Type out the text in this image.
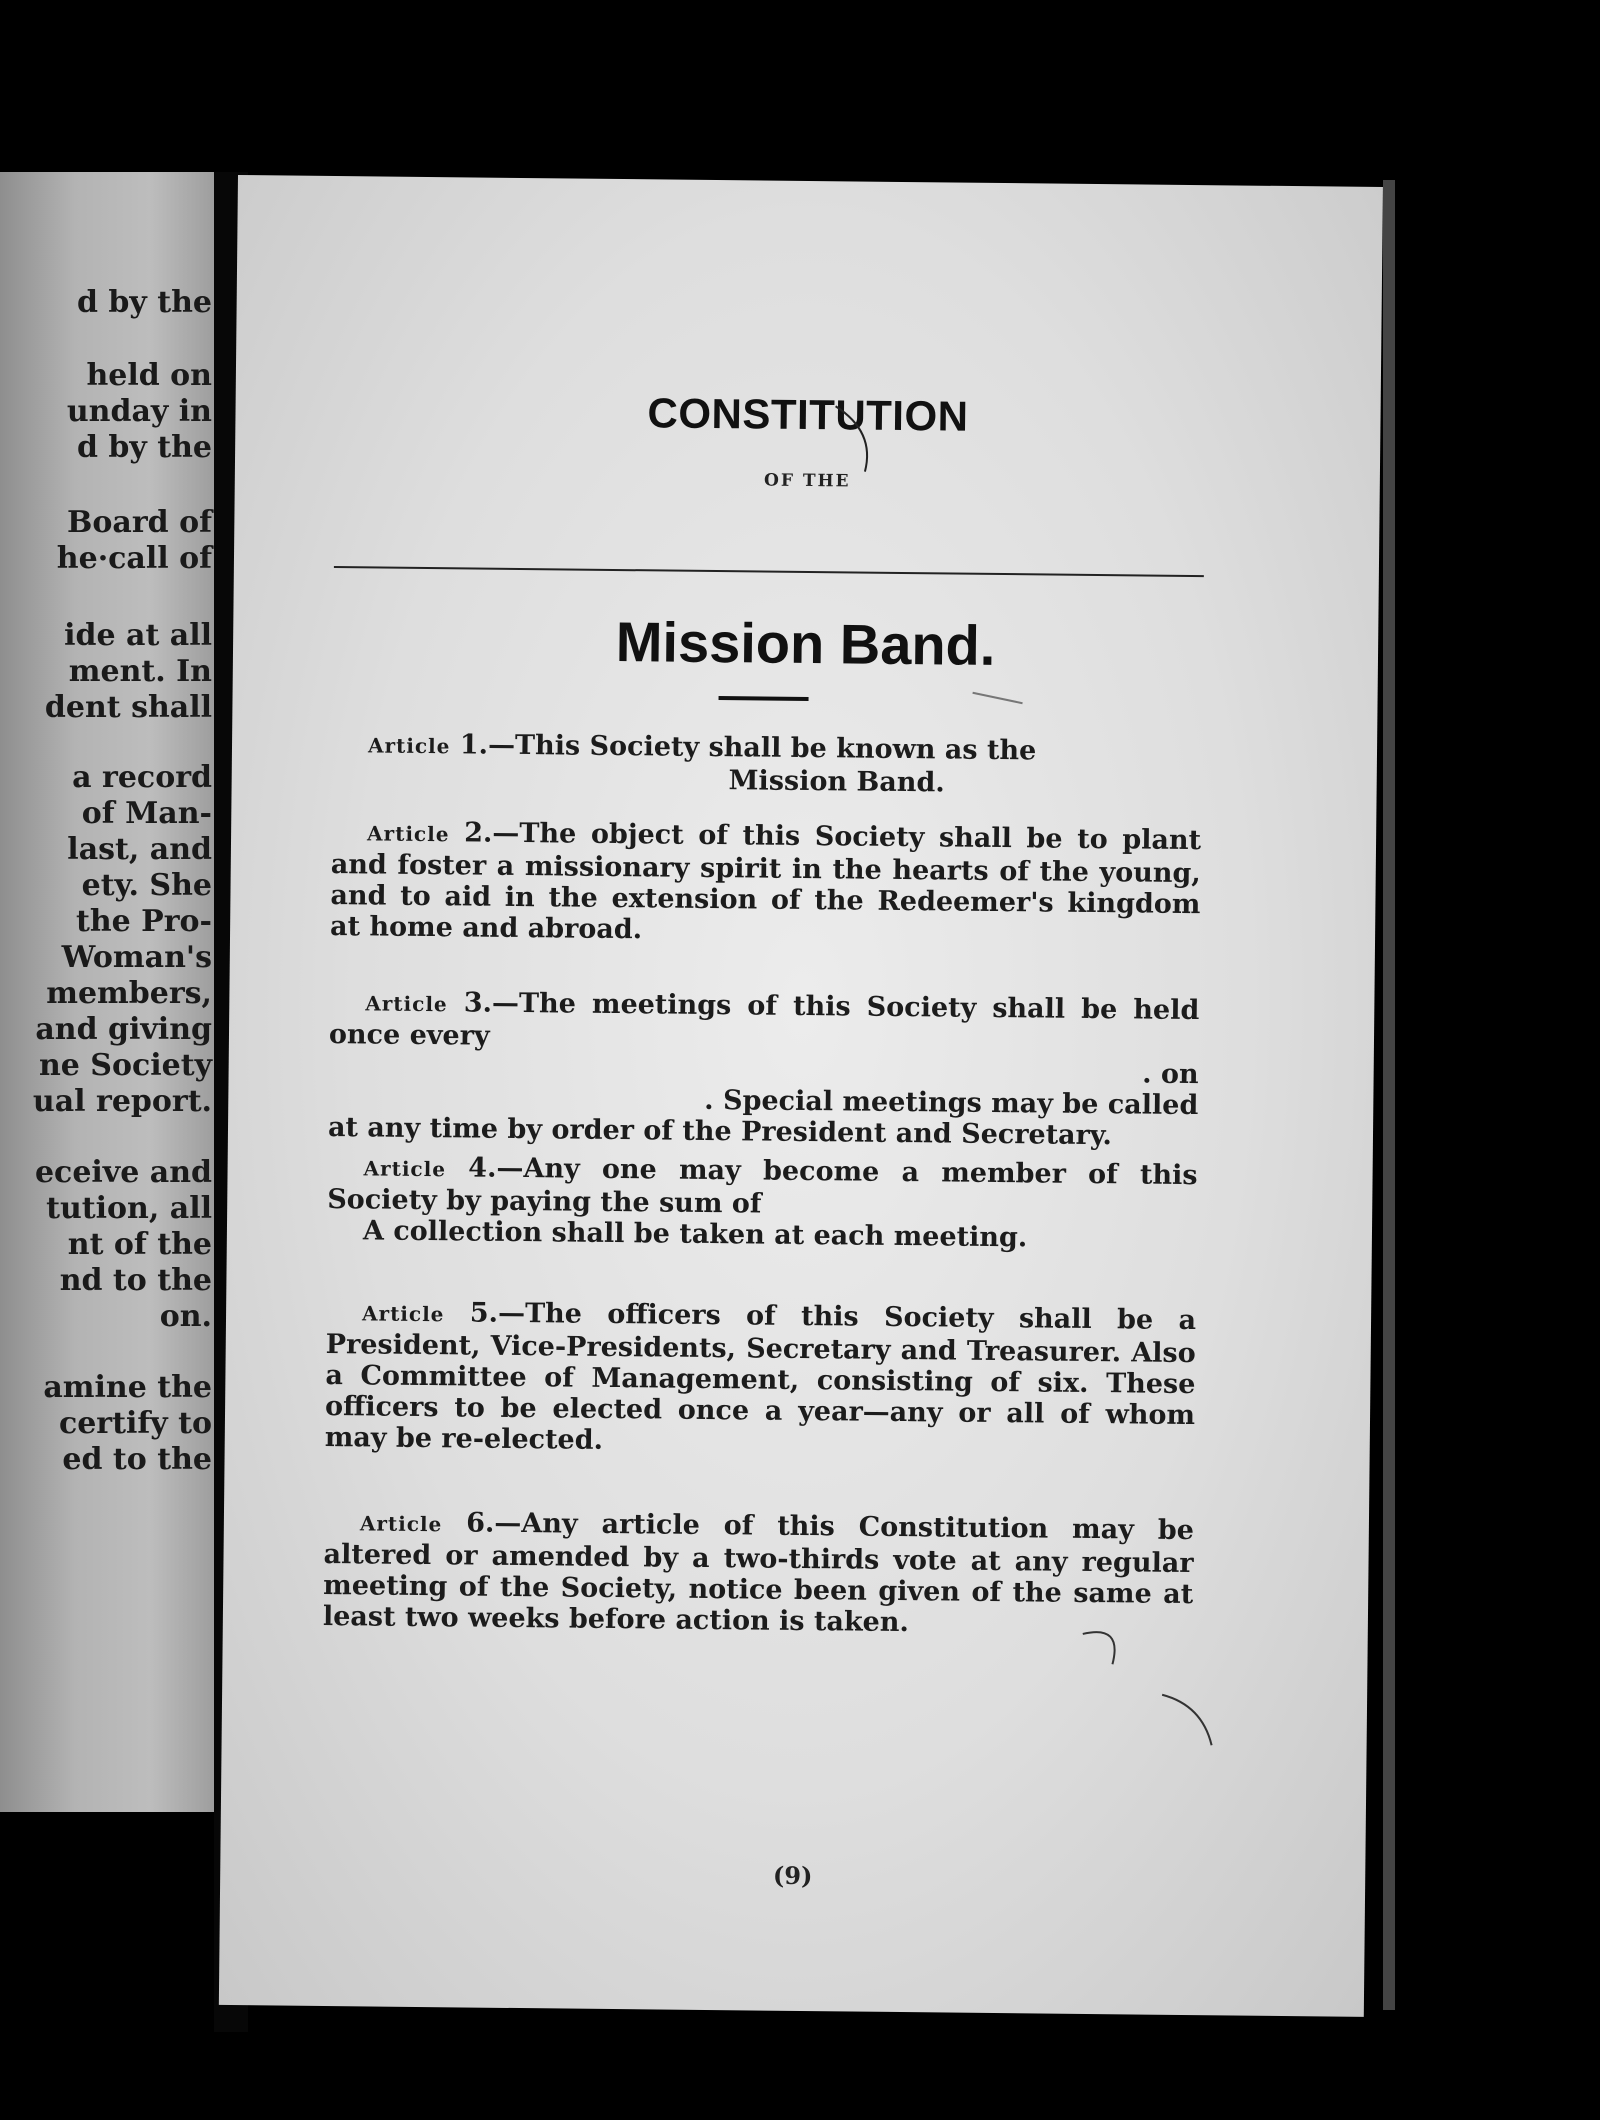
d by the
held on
unday in
d by the
Board of
he·call of
ide at all
ment. In
dent shall
a record
of Man-
last, and
ety. She
the Pro-
Woman's
members,
and giving
ne Society
ual report.
eceive and
tution, all
nt of the
nd to the
on.
amine the
certify to
ed to the
CONSTITUTION
OF THE
Mission Band.
Article 1.—This Society shall be known as the
Mission Band.
Article 2.—The object of this Society shall be to plant and foster a missionary spirit in the hearts of the young, and to aid in the extension of the Redeemer's kingdom at home and abroad.
Article 3.—The meetings of this Society shall be held once every
. on
. Special meetings may be called
at any time by order of the President and Secretary.
Article 4.—Any one may become a member of this Society by paying the sum of
A collection shall be taken at each meeting.
Article 5.—The officers of this Society shall be a President, Vice-Presidents, Secretary and Treasurer. Also a Committee of Management, consisting of six. These officers to be elected once a year—any or all of whom may be re-elected.
Article 6.—Any article of this Constitution may be altered or amended by a two-thirds vote at any regular meeting of the Society, notice been given of the same at least two weeks before action is taken.
(9)
